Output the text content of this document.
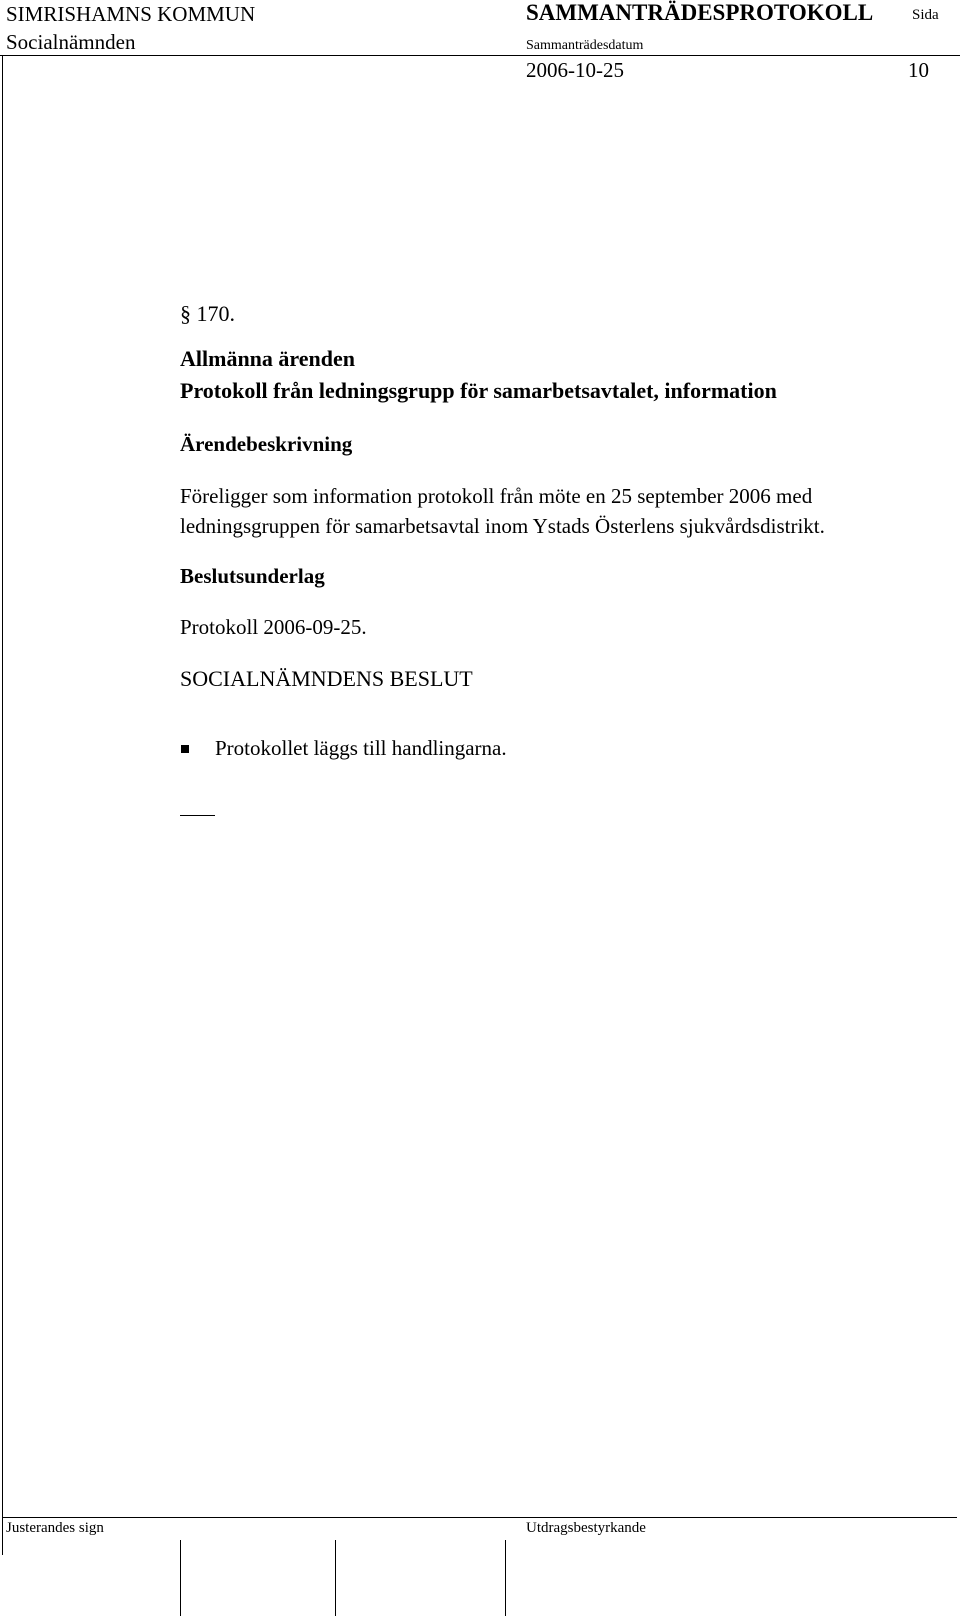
SIMRISHAMNS KOMMUN
Socialnämnden
SAMMANTRÄDESPROTOKOLL	Sida
Sammanträdesdatum
2006-10-25	10
§ 170.
Allmänna ärenden
Protokoll från ledningsgrupp för samarbetsavtalet, information
Ärendebeskrivning
Föreligger som information protokoll från möte en 25 september 2006 med
ledningsgruppen för samarbetsavtal inom Ystads Österlens sjukvårdsdistrikt.
Beslutsunderlag
Protokoll 2006-09-25.
SOCIALNÄMNDENS BESLUT
Protokollet läggs till handlingarna.
Justerandes sign	Utdragsbestyrkande
